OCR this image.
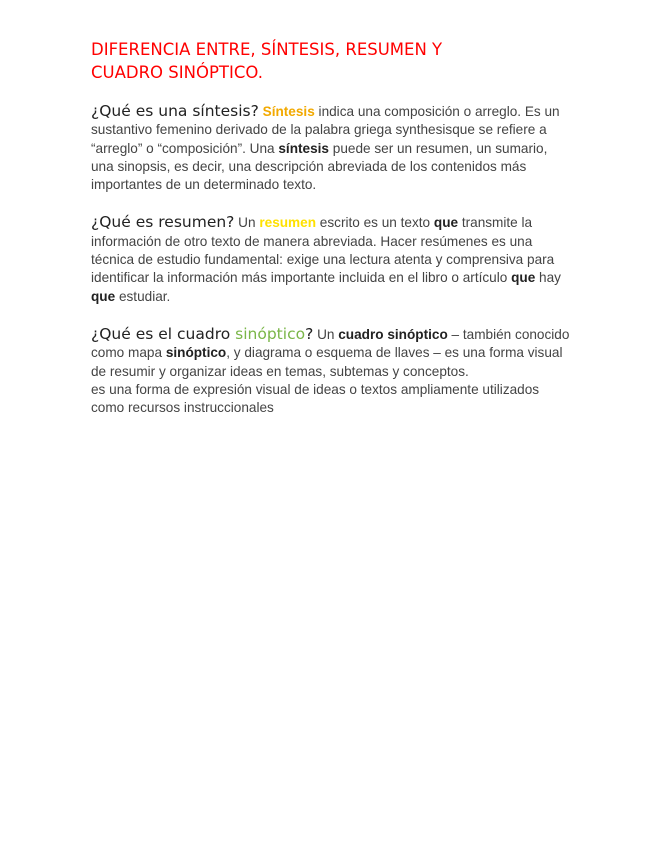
DIFERENCIA ENTRE, SÍNTESIS, RESUMEN Y
CUADRO SINÓPTICO.

¿Qué es una síntesis? Síntesis indica una composición o arreglo. Es un sustantivo femenino derivado de la palabra griega synthesisque se refiere a “arreglo” o “composición”. Una síntesis puede ser un resumen, un sumario, una sinopsis, es decir, una descripción abreviada de los contenidos más importantes de un determinado texto.

¿Qué es resumen? Un resumen escrito es un texto que transmite la información de otro texto de manera abreviada. Hacer resúmenes es una técnica de estudio fundamental: exige una lectura atenta y comprensiva para identificar la información más importante incluida en el libro o artículo que hay que estudiar.

¿Qué es el cuadro sinóptico? Un cuadro sinóptico – también conocido como mapa sinóptico, y diagrama o esquema de llaves – es una forma visual de resumir y organizar ideas en temas, subtemas y conceptos.

es una forma de expresión visual de ideas o textos ampliamente utilizados como recursos instruccionales
